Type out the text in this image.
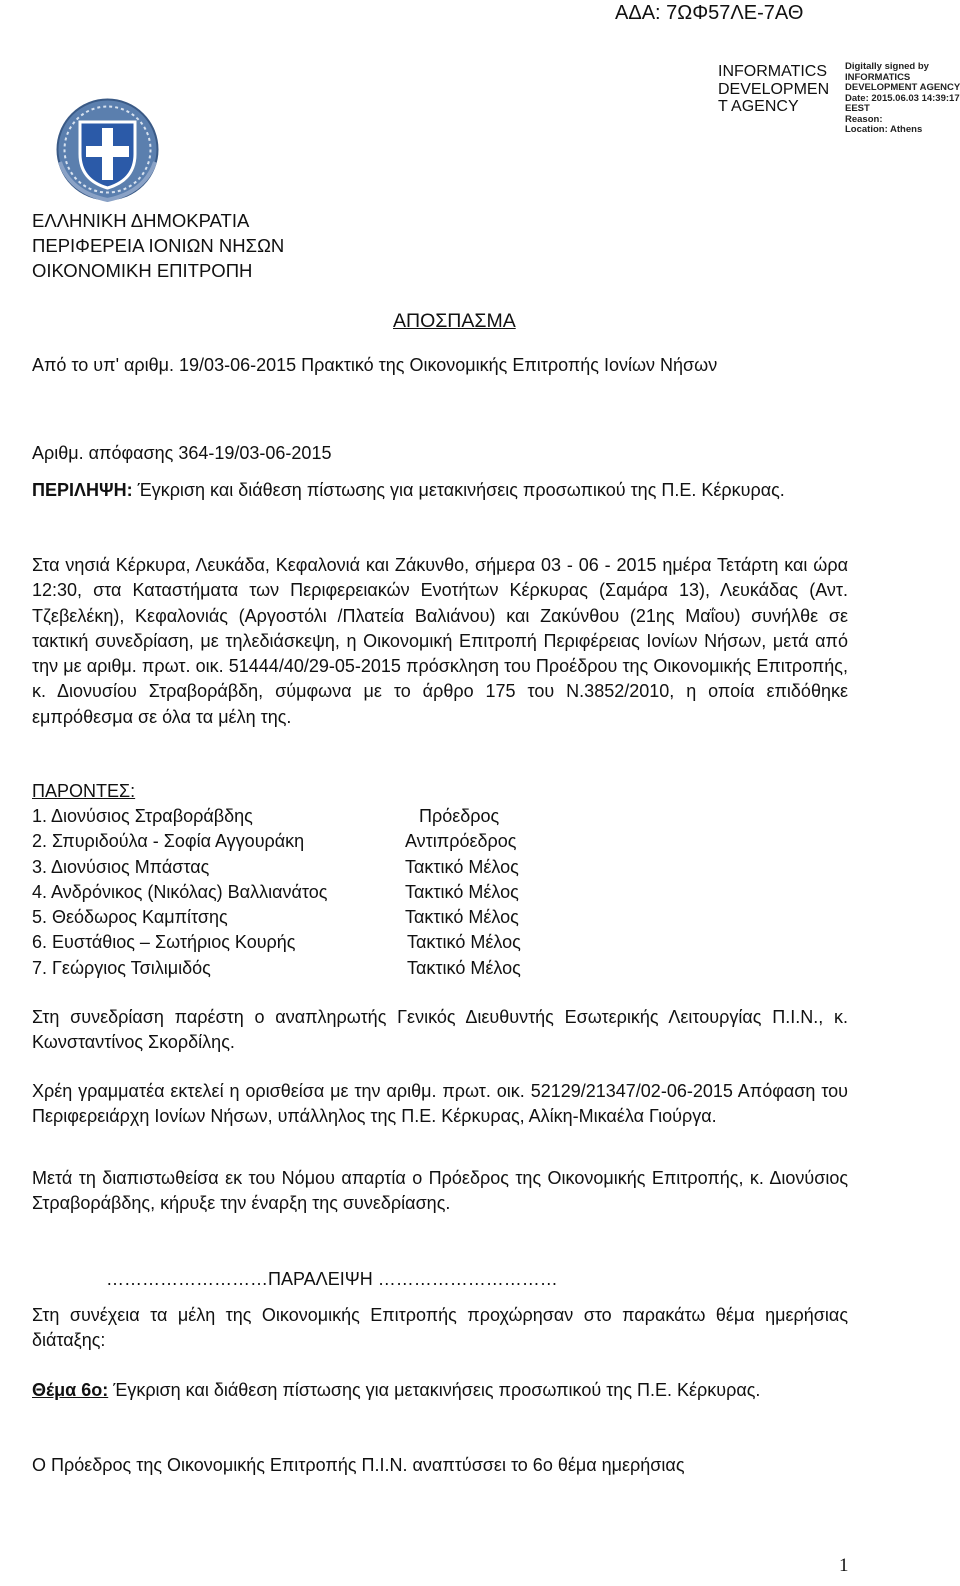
ΑΔΑ: 7ΩΦ57ΛΕ-7ΑΘ
INFORMATICS
DEVELOPMEN
T AGENCY
Digitally signed by
INFORMATICS
DEVELOPMENT AGENCY
Date: 2015.06.03 14:39:17
EEST
Reason:
Location: Athens
ΕΛΛΗΝΙΚΗ ΔΗΜΟΚΡΑΤΙΑ
ΠΕΡΙΦΕΡΕΙΑ ΙΟΝΙΩΝ ΝΗΣΩΝ
ΟΙΚΟΝΟΜΙΚΗ ΕΠΙΤΡΟΠΗ
ΑΠΟΣΠΑΣΜΑ
Από το υπ' αριθμ. 19/03-06-2015 Πρακτικό της Οικονομικής Επιτροπής Ιονίων Νήσων
Αριθμ. απόφασης 364-19/03-06-2015
ΠΕΡΙΛΗΨΗ: Έγκριση και διάθεση πίστωσης για μετακινήσεις προσωπικού της Π.Ε. Κέρκυρας.
Στα νησιά Κέρκυρα, Λευκάδα, Κεφαλονιά και Ζάκυνθο, σήμερα 03 - 06 - 2015 ημέρα Τετάρτη και ώρα 12:30, στα Καταστήματα των Περιφερειακών Ενοτήτων Κέρκυρας (Σαμάρα 13), Λευκάδας (Αντ. Τζεβελέκη), Κεφαλονιάς (Αργοστόλι /Πλατεία Βαλιάνου) και Ζακύνθου (21ης Μαΐου) συνήλθε σε τακτική συνεδρίαση, με τηλεδιάσκεψη, η Οικονομική Επιτροπή Περιφέρειας Ιονίων Νήσων, μετά από την με αριθμ. πρωτ. οικ. 51444/40/29-05-2015 πρόσκληση του Προέδρου της Οικονομικής Επιτροπής, κ. Διονυσίου Στραβοράβδη, σύμφωνα με το άρθρο 175 του Ν.3852/2010, η οποία επιδόθηκε εμπρόθεσμα σε όλα τα μέλη της.
ΠΑΡΟΝΤΕΣ:
1. Διονύσιος Στραβοράβδης	Πρόεδρος
2. Σπυριδούλα - Σοφία Αγγουράκη	Αντιπρόεδρος
3. Διονύσιος Μπάστας	Τακτικό Μέλος
4. Ανδρόνικος (Νικόλας) Βαλλιανάτος	Τακτικό Μέλος
5. Θεόδωρος Καμπίτσης	Τακτικό Μέλος
6. Ευστάθιος – Σωτήριος Κουρής	Τακτικό Μέλος
7. Γεώργιος Τσιλιμιδός	Τακτικό Μέλος
Στη συνεδρίαση παρέστη ο αναπληρωτής Γενικός Διευθυντής Εσωτερικής Λειτουργίας Π.Ι.Ν., κ. Κωνσταντίνος Σκορδίλης.
Χρέη γραμματέα εκτελεί η ορισθείσα με την αριθμ. πρωτ. οικ. 52129/21347/02-06-2015 Απόφαση του Περιφερειάρχη Ιονίων Νήσων, υπάλληλος της Π.Ε. Κέρκυρας, Αλίκη-Μικαέλα Γιούργα.
Μετά τη διαπιστωθείσα εκ του Νόμου απαρτία ο Πρόεδρος της Οικονομικής Επιτροπής, κ. Διονύσιος Στραβοράβδης, κήρυξε την έναρξη της συνεδρίασης.
………………………ΠΑΡΑΛΕΙΨΗ …………………………
Στη συνέχεια τα μέλη της Οικονομικής Επιτροπής προχώρησαν στο παρακάτω θέμα ημερήσιας διάταξης:
Θέμα 6ο: Έγκριση και διάθεση πίστωσης για μετακινήσεις προσωπικού της Π.Ε. Κέρκυρας.
Ο Πρόεδρος της Οικονομικής Επιτροπής Π.Ι.Ν. αναπτύσσει το 6ο θέμα ημερήσιας
1
